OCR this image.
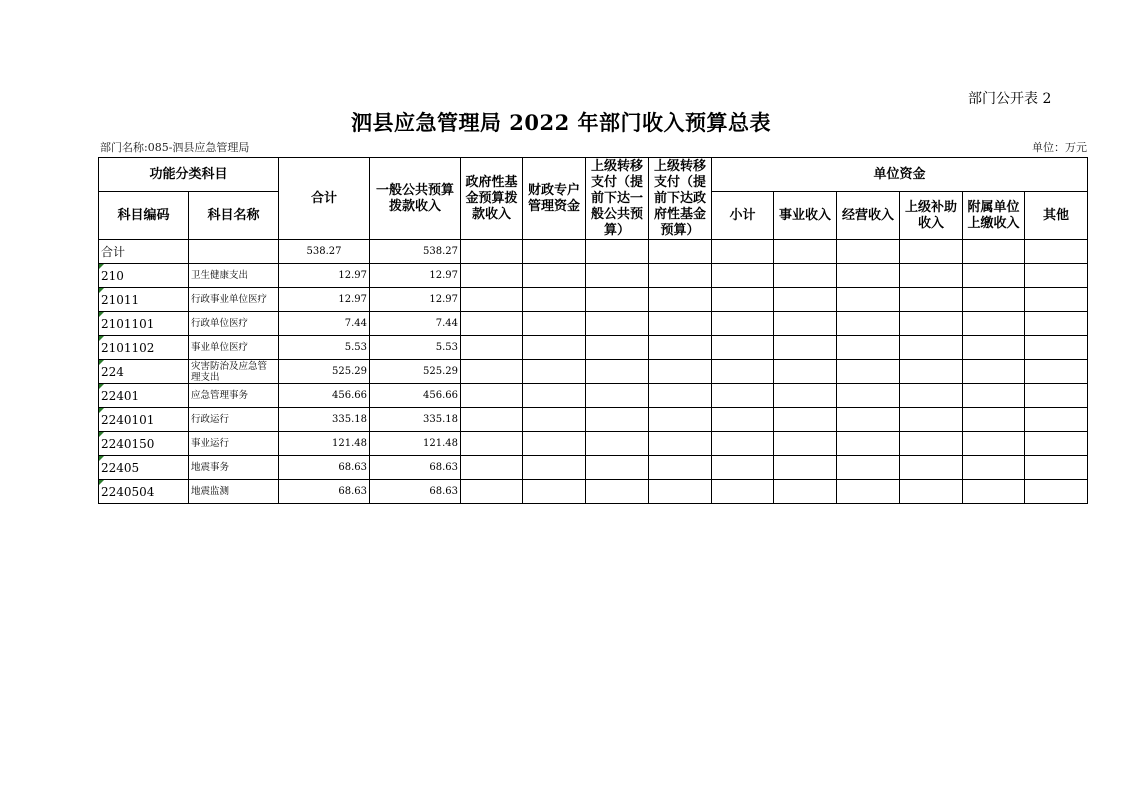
部门公开表 2
泗县应急管理局 2022 年部门收入预算总表
部门名称:085-泗县应急管理局	单位：万元
功能分类科目		合计	一般公共预算拨款收入	政府性基金预算拨款收入	财政专户管理资金	上级转移支付（提前下达一般公共预算）	上级转移支付（提前下达政府性基金预算）	单位资金					
科目编码	科目名称							小计	事业收入	经营收入	上级补助收入	附属单位上缴收入	其他
合计		538.27	538.27										

210	卫生健康支出	12.97	12.97										

21011	行政事业单位医疗	12.97	12.97										

2101101	行政单位医疗	7.44	7.44										

2101102	事业单位医疗	5.53	5.53										

224	灾害防治及应急管理支出	525.29	525.29										

22401	应急管理事务	456.66	456.66										

2240101	行政运行	335.18	335.18										

2240150	事业运行	121.48	121.48										

22405	地震事务	68.63	68.63										

2240504	地震监测	68.63	68.63										
